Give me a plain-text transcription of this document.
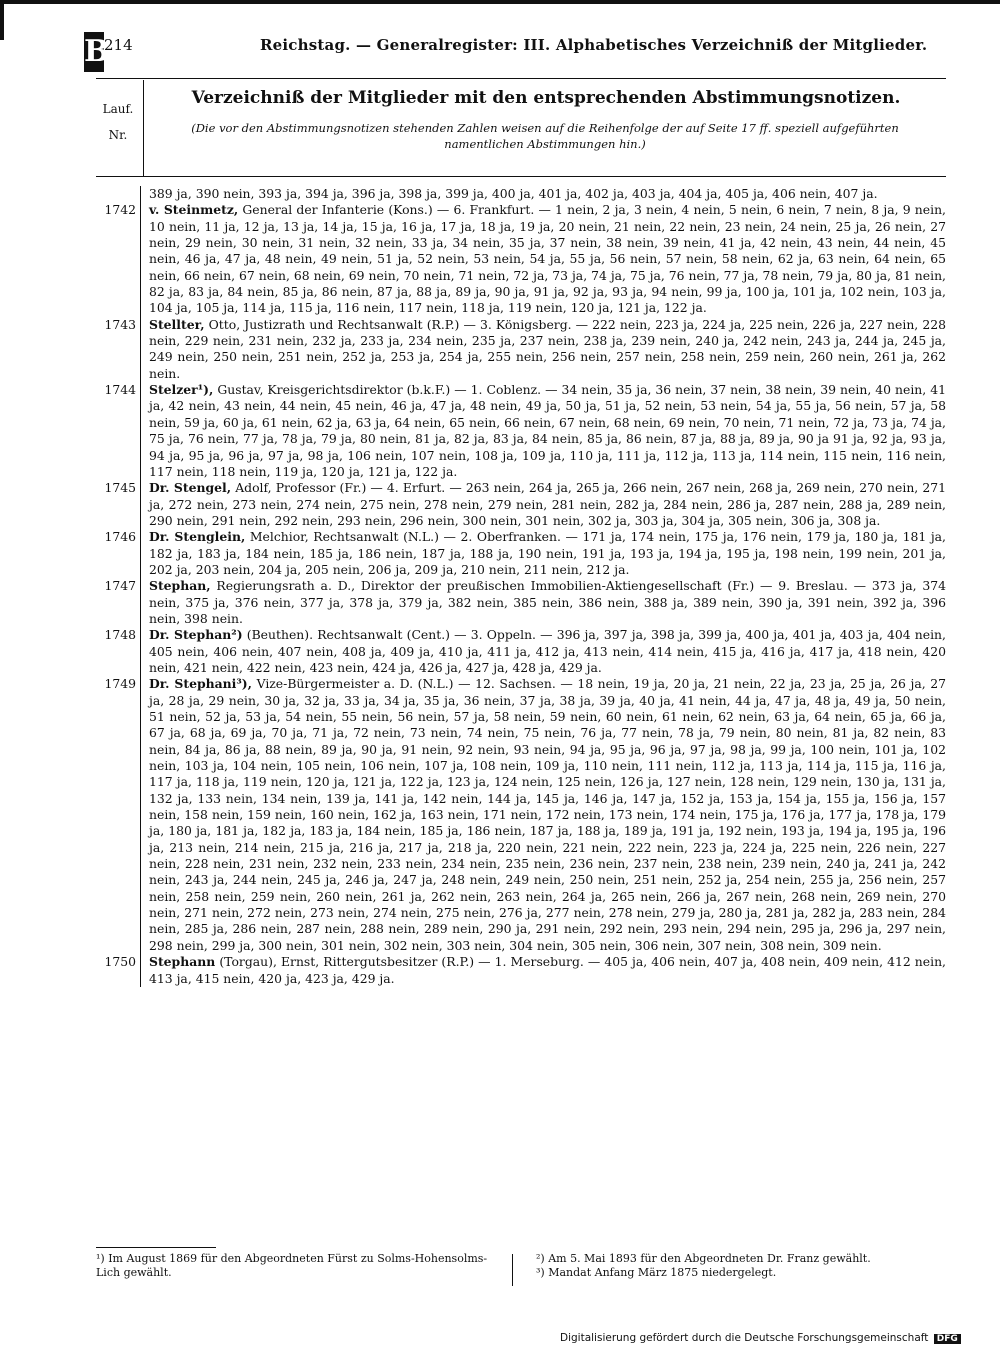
B
214	Reichstag. — Generalregister: III. Alphabetisches Verzeichniß der Mitglieder.
Lauf.
Nr.
Verzeichniß der Mitglieder mit den entsprechenden Abstimmungsnotizen.
(Die vor den Abstimmungsnotizen stehenden Zahlen weisen auf die Reihenfolge der auf Seite 17 ff. speziell aufgeführten namentlichen Abstimmungen hin.)
389 ja, 390 nein, 393 ja, 394 ja, 396 ja, 398 ja, 399 ja, 400 ja, 401 ja, 402 ja, 403 ja, 404 ja, 405 ja, 406 nein, 407 ja.
1742	v. Steinmetz, General der Infanterie (Kons.) — 6. Frankfurt. — 1 nein, 2 ja, 3 nein, 4 nein, 5 nein, 6 nein, 7 nein, 8 ja, 9 nein, 10 nein, 11 ja, 12 ja, 13 ja, 14 ja, 15 ja, 16 ja, 17 ja, 18 ja, 19 ja, 20 nein, 21 nein, 22 nein, 23 nein, 24 nein, 25 ja, 26 nein, 27 nein, 29 nein, 30 nein, 31 nein, 32 nein, 33 ja, 34 nein, 35 ja, 37 nein, 38 nein, 39 nein, 41 ja, 42 nein, 43 nein, 44 nein, 45 nein, 46 ja, 47 ja, 48 nein, 49 nein, 51 ja, 52 nein, 53 nein, 54 ja, 55 ja, 56 nein, 57 nein, 58 nein, 62 ja, 63 nein, 64 nein, 65 nein, 66 nein, 67 nein, 68 nein, 69 nein, 70 nein, 71 nein, 72 ja, 73 ja, 74 ja, 75 ja, 76 nein, 77 ja, 78 nein, 79 ja, 80 ja, 81 nein, 82 ja, 83 ja, 84 nein, 85 ja, 86 nein, 87 ja, 88 ja, 89 ja, 90 ja, 91 ja, 92 ja, 93 ja, 94 nein, 99 ja, 100 ja, 101 ja, 102 nein, 103 ja, 104 ja, 105 ja, 114 ja, 115 ja, 116 nein, 117 nein, 118 ja, 119 nein, 120 ja, 121 ja, 122 ja.
1743	Stellter, Otto, Justizrath und Rechtsanwalt (R.P.) — 3. Königsberg. — 222 nein, 223 ja, 224 ja, 225 nein, 226 ja, 227 nein, 228 nein, 229 nein, 231 nein, 232 ja, 233 ja, 234 nein, 235 ja, 237 nein, 238 ja, 239 nein, 240 ja, 242 nein, 243 ja, 244 ja, 245 ja, 249 nein, 250 nein, 251 nein, 252 ja, 253 ja, 254 ja, 255 nein, 256 nein, 257 nein, 258 nein, 259 nein, 260 nein, 261 ja, 262 nein.
1744	Stelzer¹), Gustav, Kreisgerichtsdirektor (b.k.F.) — 1. Coblenz. — 34 nein, 35 ja, 36 nein, 37 nein, 38 nein, 39 nein, 40 nein, 41 ja, 42 nein, 43 nein, 44 nein, 45 nein, 46 ja, 47 ja, 48 nein, 49 ja, 50 ja, 51 ja, 52 nein, 53 nein, 54 ja, 55 ja, 56 nein, 57 ja, 58 nein, 59 ja, 60 ja, 61 nein, 62 ja, 63 ja, 64 nein, 65 nein, 66 nein, 67 nein, 68 nein, 69 nein, 70 nein, 71 nein, 72 ja, 73 ja, 74 ja, 75 ja, 76 nein, 77 ja, 78 ja, 79 ja, 80 nein, 81 ja, 82 ja, 83 ja, 84 nein, 85 ja, 86 nein, 87 ja, 88 ja, 89 ja, 90 ja 91 ja, 92 ja, 93 ja, 94 ja, 95 ja, 96 ja, 97 ja, 98 ja, 106 nein, 107 nein, 108 ja, 109 ja, 110 ja, 111 ja, 112 ja, 113 ja, 114 nein, 115 nein, 116 nein, 117 nein, 118 nein, 119 ja, 120 ja, 121 ja, 122 ja.
1745	Dr. Stengel, Adolf, Professor (Fr.) — 4. Erfurt. — 263 nein, 264 ja, 265 ja, 266 nein, 267 nein, 268 ja, 269 nein, 270 nein, 271 ja, 272 nein, 273 nein, 274 nein, 275 nein, 278 nein, 279 nein, 281 nein, 282 ja, 284 nein, 286 ja, 287 nein, 288 ja, 289 nein, 290 nein, 291 nein, 292 nein, 293 nein, 296 nein, 300 nein, 301 nein, 302 ja, 303 ja, 304 ja, 305 nein, 306 ja, 308 ja.
1746	Dr. Stenglein, Melchior, Rechtsanwalt (N.L.) — 2. Oberfranken. — 171 ja, 174 nein, 175 ja, 176 nein, 179 ja, 180 ja, 181 ja, 182 ja, 183 ja, 184 nein, 185 ja, 186 nein, 187 ja, 188 ja, 190 nein, 191 ja, 193 ja, 194 ja, 195 ja, 198 nein, 199 nein, 201 ja, 202 ja, 203 nein, 204 ja, 205 nein, 206 ja, 209 ja, 210 nein, 211 nein, 212 ja.
1747	Stephan, Regierungsrath a. D., Direktor der preußischen Immobilien-Aktiengesellschaft (Fr.) — 9. Breslau. — 373 ja, 374 nein, 375 ja, 376 nein, 377 ja, 378 ja, 379 ja, 382 nein, 385 nein, 386 nein, 388 ja, 389 nein, 390 ja, 391 nein, 392 ja, 396 nein, 398 nein.
1748	Dr. Stephan²) (Beuthen). Rechtsanwalt (Cent.) — 3. Oppeln. — 396 ja, 397 ja, 398 ja, 399 ja, 400 ja, 401 ja, 403 ja, 404 nein, 405 nein, 406 nein, 407 nein, 408 ja, 409 ja, 410 ja, 411 ja, 412 ja, 413 nein, 414 nein, 415 ja, 416 ja, 417 ja, 418 nein, 420 nein, 421 nein, 422 nein, 423 nein, 424 ja, 426 ja, 427 ja, 428 ja, 429 ja.
1749	Dr. Stephani³), Vize-Bürgermeister a. D. (N.L.) — 12. Sachsen. — 18 nein, 19 ja, 20 ja, 21 nein, 22 ja, 23 ja, 25 ja, 26 ja, 27 ja, 28 ja, 29 nein, 30 ja, 32 ja, 33 ja, 34 ja, 35 ja, 36 nein, 37 ja, 38 ja, 39 ja, 40 ja, 41 nein, 44 ja, 47 ja, 48 ja, 49 ja, 50 nein, 51 nein, 52 ja, 53 ja, 54 nein, 55 nein, 56 nein, 57 ja, 58 nein, 59 nein, 60 nein, 61 nein, 62 nein, 63 ja, 64 nein, 65 ja, 66 ja, 67 ja, 68 ja, 69 ja, 70 ja, 71 ja, 72 nein, 73 nein, 74 nein, 75 nein, 76 ja, 77 nein, 78 ja, 79 nein, 80 nein, 81 ja, 82 nein, 83 nein, 84 ja, 86 ja, 88 nein, 89 ja, 90 ja, 91 nein, 92 nein, 93 nein, 94 ja, 95 ja, 96 ja, 97 ja, 98 ja, 99 ja, 100 nein, 101 ja, 102 nein, 103 ja, 104 nein, 105 nein, 106 nein, 107 ja, 108 nein, 109 ja, 110 nein, 111 nein, 112 ja, 113 ja, 114 ja, 115 ja, 116 ja, 117 ja, 118 ja, 119 nein, 120 ja, 121 ja, 122 ja, 123 ja, 124 nein, 125 nein, 126 ja, 127 nein, 128 nein, 129 nein, 130 ja, 131 ja, 132 ja, 133 nein, 134 nein, 139 ja, 141 ja, 142 nein, 144 ja, 145 ja, 146 ja, 147 ja, 152 ja, 153 ja, 154 ja, 155 ja, 156 ja, 157 nein, 158 nein, 159 nein, 160 nein, 162 ja, 163 nein, 171 nein, 172 nein, 173 nein, 174 nein, 175 ja, 176 ja, 177 ja, 178 ja, 179 ja, 180 ja, 181 ja, 182 ja, 183 ja, 184 nein, 185 ja, 186 nein, 187 ja, 188 ja, 189 ja, 191 ja, 192 nein, 193 ja, 194 ja, 195 ja, 196 ja, 213 nein, 214 nein, 215 ja, 216 ja, 217 ja, 218 ja, 220 nein, 221 nein, 222 nein, 223 ja, 224 ja, 225 nein, 226 nein, 227 nein, 228 nein, 231 nein, 232 nein, 233 nein, 234 nein, 235 nein, 236 nein, 237 nein, 238 nein, 239 nein, 240 ja, 241 ja, 242 nein, 243 ja, 244 nein, 245 ja, 246 ja, 247 ja, 248 nein, 249 nein, 250 nein, 251 nein, 252 ja, 254 nein, 255 ja, 256 nein, 257 nein, 258 nein, 259 nein, 260 nein, 261 ja, 262 nein, 263 nein, 264 ja, 265 nein, 266 ja, 267 nein, 268 nein, 269 nein, 270 nein, 271 nein, 272 nein, 273 nein, 274 nein, 275 nein, 276 ja, 277 nein, 278 nein, 279 ja, 280 ja, 281 ja, 282 ja, 283 nein, 284 nein, 285 ja, 286 nein, 287 nein, 288 nein, 289 nein, 290 ja, 291 nein, 292 nein, 293 nein, 294 nein, 295 ja, 296 ja, 297 nein, 298 nein, 299 ja, 300 nein, 301 nein, 302 nein, 303 nein, 304 nein, 305 nein, 306 nein, 307 nein, 308 nein, 309 nein.
1750	Stephann (Torgau), Ernst, Rittergutsbesitzer (R.P.) — 1. Merseburg. — 405 ja, 406 nein, 407 ja, 408 nein, 409 nein, 412 nein, 413 ja, 415 nein, 420 ja, 423 ja, 429 ja.
¹) Im August 1869 für den Abgeordneten Fürst zu Solms-Hohensolms-Lich gewählt.
²) Am 5. Mai 1893 für den Abgeordneten Dr. Franz gewählt.
³) Mandat Anfang März 1875 niedergelegt.
Digitalisierung gefördert durch die Deutsche Forschungsgemeinschaft DFG
